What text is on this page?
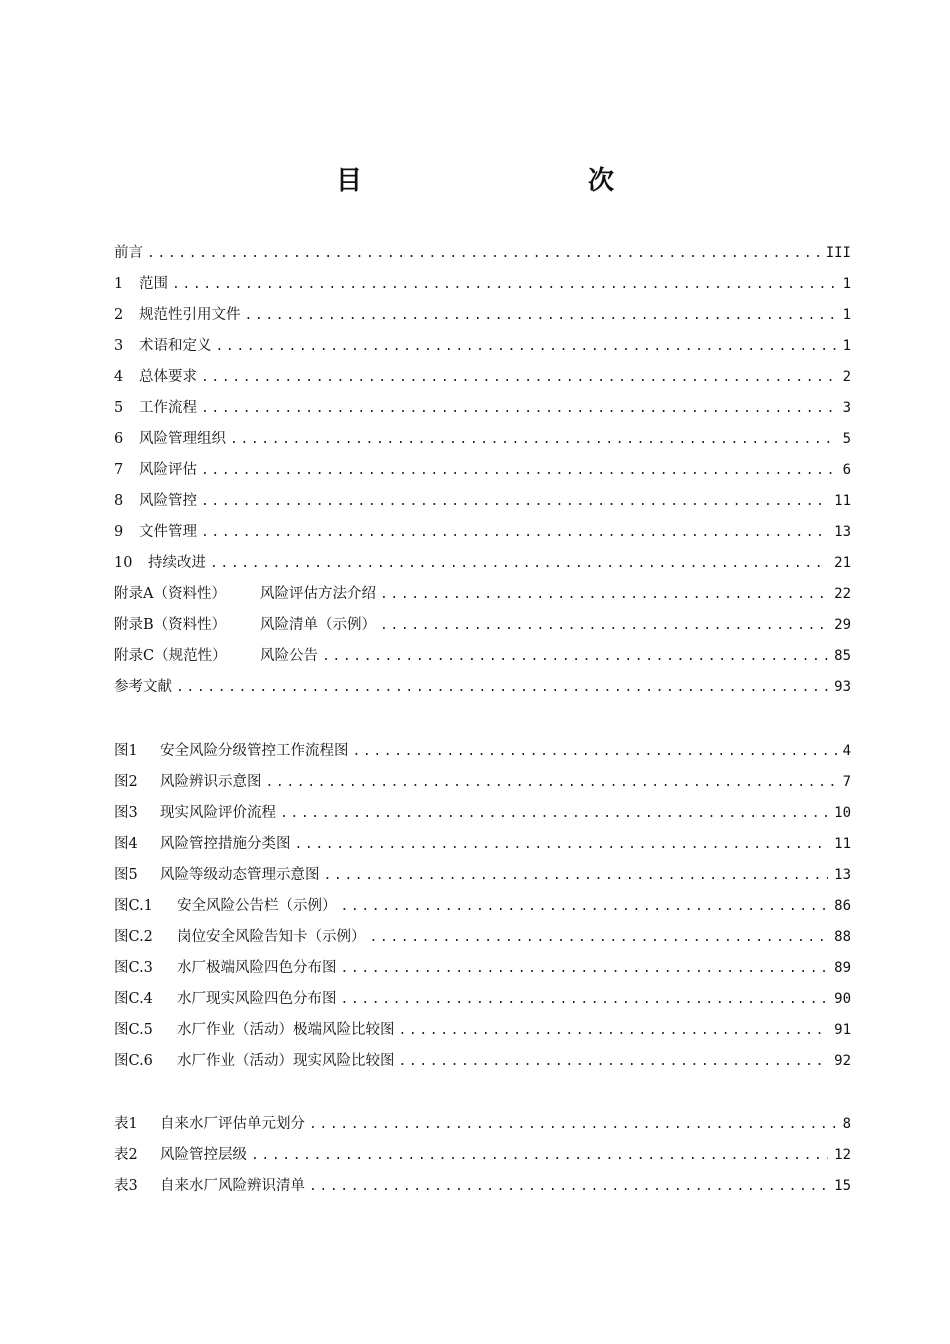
目　　次
前言 .....	III
1 范围 .....	1
2 规范性引用文件 .....	1
3 术语和定义 .....	1
4 总体要求 .....	2
5 工作流程 .....	3
6 风险管理组织 .....	5
7 风险评估 .....	6
8 风险管控 .....	11
9 文件管理 .....	13
10 持续改进 .....	21
附录A（资料性） 风险评估方法介绍 .....	22
附录B（资料性） 风险清单（示例） .....	29
附录C（规范性） 风险公告 .....	85
参考文献 .....	93
图1 安全风险分级管控工作流程图 .....	4
图2 风险辨识示意图 .....	7
图3 现实风险评价流程 .....	10
图4 风险管控措施分类图 .....	11
图5 风险等级动态管理示意图 .....	13
图C.1 安全风险公告栏（示例） .....	86
图C.2 岗位安全风险告知卡（示例） .....	88
图C.3 水厂极端风险四色分布图 .....	89
图C.4 水厂现实风险四色分布图 .....	90
图C.5 水厂作业（活动）极端风险比较图 .....	91
图C.6 水厂作业（活动）现实风险比较图 .....	92
表1 自来水厂评估单元划分 .....	8
表2 风险管控层级 .....	12
表3 自来水厂风险辨识清单 .....	15
